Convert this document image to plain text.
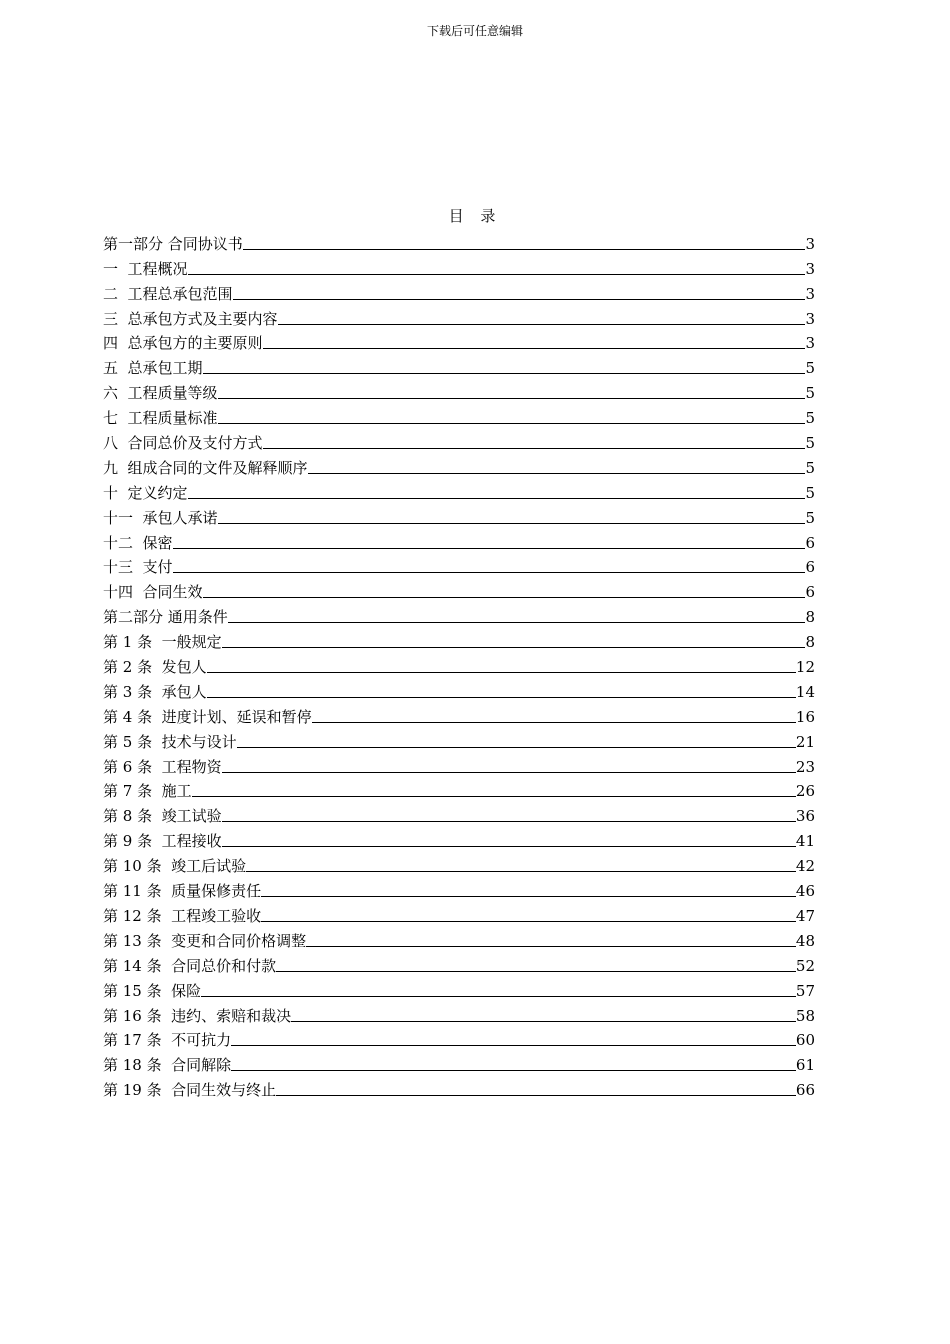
下载后可任意编辑
目 录
第一部分 合同协议书	3
一  工程概况	3
二  工程总承包范围	3
三  总承包方式及主要内容	3
四  总承包方的主要原则	3
五  总承包工期	5
六  工程质量等级	5
七  工程质量标准	5
八  合同总价及支付方式	5
九  组成合同的文件及解释顺序	5
十  定义约定	5
十一  承包人承诺	5
十二  保密	6
十三  支付	6
十四  合同生效	6
第二部分 通用条件	8
第 1 条  一般规定	8
第 2 条  发包人	12
第 3 条  承包人	14
第 4 条  进度计划、延误和暂停	16
第 5 条  技术与设计	21
第 6 条  工程物资	23
第 7 条  施工	26
第 8 条  竣工试验	36
第 9 条  工程接收	41
第 10 条  竣工后试验	42
第 11 条  质量保修责任	46
第 12 条  工程竣工验收	47
第 13 条  变更和合同价格调整	48
第 14 条  合同总价和付款	52
第 15 条  保险	57
第 16 条  违约、索赔和裁决	58
第 17 条  不可抗力	60
第 18 条  合同解除	61
第 19 条  合同生效与终止	66
